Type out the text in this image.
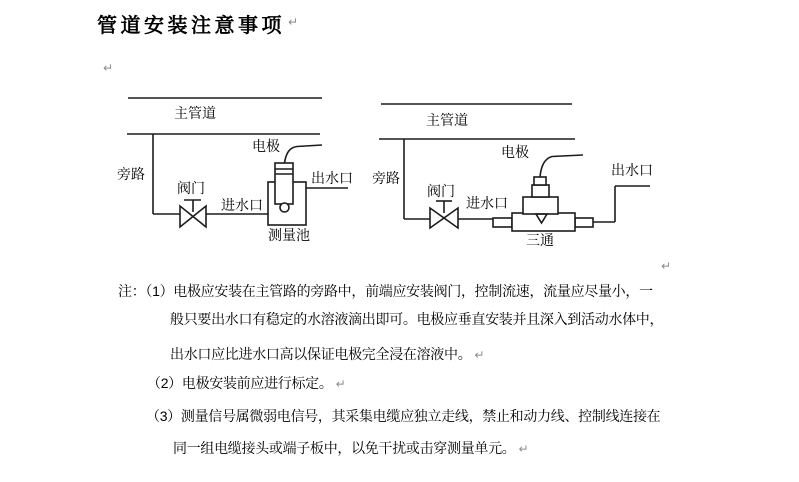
管道安装注意事项 ↵
↵
主管道
旁路
阀门
电极
进水口
出水口
测量池
主管道
旁路
阀门
电极
进水口
出水口
三通
↵
注：（1）电极应安装在主管路的旁路中，前端应安装阀门，控制流速，流量应尽量小，一
般只要出水口有稳定的水溶液滴出即可。电极应垂直安装并且深入到活动水体中，
出水口应比进水口高以保证电极完全浸在溶液中。 ↵
（2）电极安装前应进行标定。 ↵
（3）测量信号属微弱电信号，其采集电缆应独立走线，禁止和动力线、控制线连接在
同一组电缆接头或端子板中，以免干扰或击穿测量单元。 ↵
